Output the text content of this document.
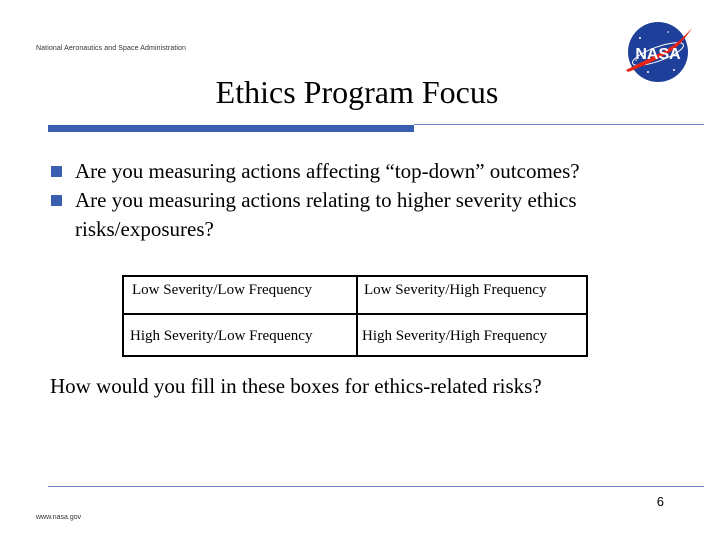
National Aeronautics and Space Administration	NASA
Ethics Program Focus
Are you measuring actions affecting “top-down” outcomes?
Are you measuring actions relating to higher severity ethics risks/exposures?
Low Severity/Low Frequency	Low Severity/High Frequency
High Severity/Low Frequency	High Severity/High Frequency
How would you fill in these boxes for ethics-related risks?
6
www.nasa.gov
